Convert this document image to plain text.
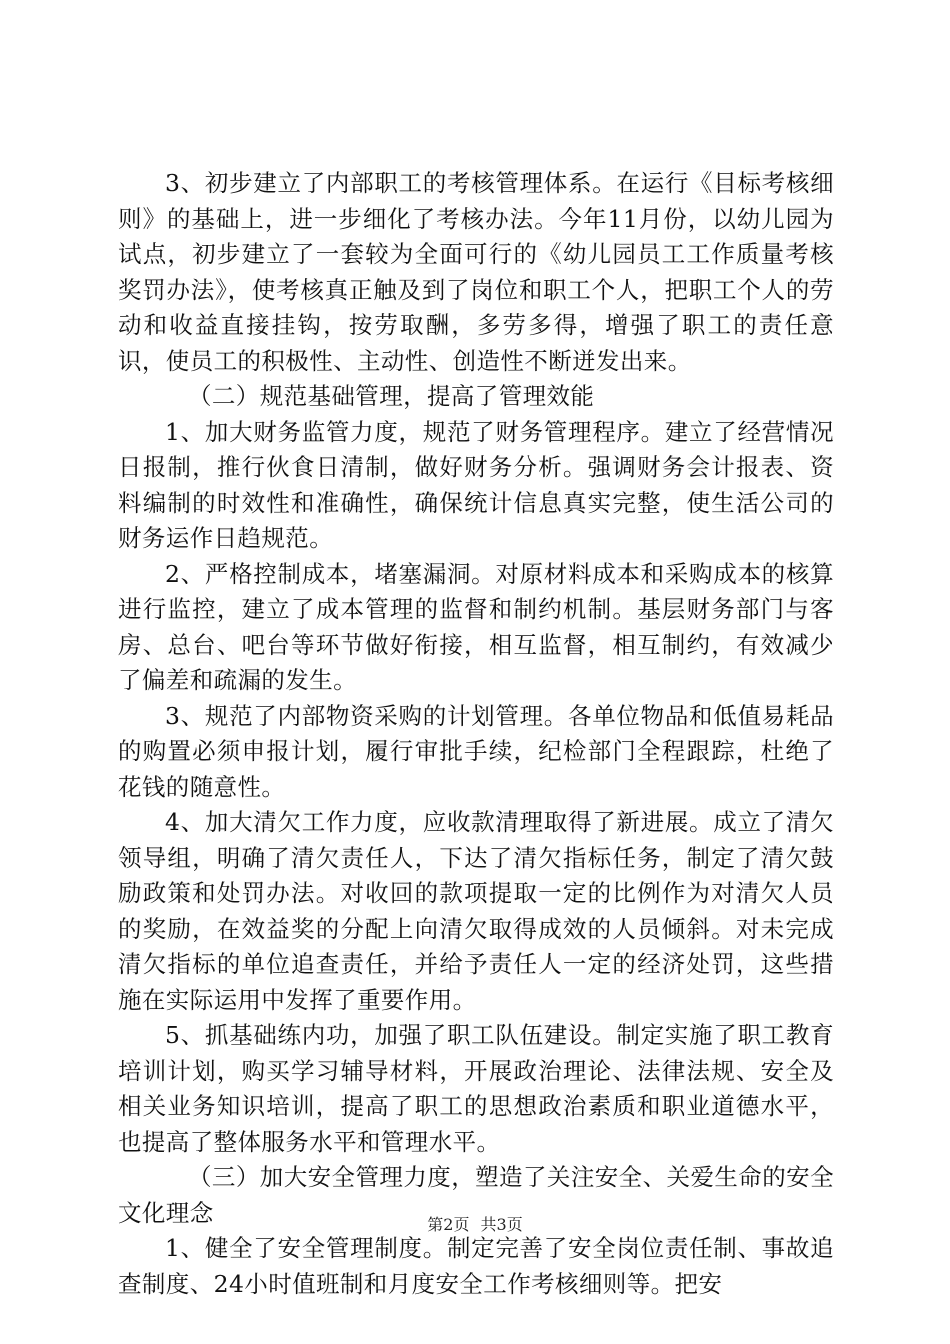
3、初步建立了内部职工的考核管理体系。在运行《目标考核细则》的基础上，进一步细化了考核办法。今年11月份，以幼儿园为试点，初步建立了一套较为全面可行的《幼儿园员工工作质量考核奖罚办法》，使考核真正触及到了岗位和职工个人，把职工个人的劳动和收益直接挂钩，按劳取酬，多劳多得，增强了职工的责任意识，使员工的积极性、主动性、创造性不断迸发出来。

（二）规范基础管理，提高了管理效能

1、加大财务监管力度，规范了财务管理程序。建立了经营情况日报制，推行伙食日清制，做好财务分析。强调财务会计报表、资料编制的时效性和准确性，确保统计信息真实完整，使生活公司的财务运作日趋规范。

2、严格控制成本，堵塞漏洞。对原材料成本和采购成本的核算进行监控，建立了成本管理的监督和制约机制。基层财务部门与客房、总台、吧台等环节做好衔接，相互监督，相互制约，有效减少了偏差和疏漏的发生。

3、规范了内部物资采购的计划管理。各单位物品和低值易耗品的购置必须申报计划，履行审批手续，纪检部门全程跟踪，杜绝了花钱的随意性。

4、加大清欠工作力度，应收款清理取得了新进展。成立了清欠领导组，明确了清欠责任人，下达了清欠指标任务，制定了清欠鼓励政策和处罚办法。对收回的款项提取一定的比例作为对清欠人员的奖励，在效益奖的分配上向清欠取得成效的人员倾斜。对未完成清欠指标的单位追查责任，并给予责任人一定的经济处罚，这些措施在实际运用中发挥了重要作用。

5、抓基础练内功，加强了职工队伍建设。制定实施了职工教育培训计划，购买学习辅导材料，开展政治理论、法律法规、安全及相关业务知识培训，提高了职工的思想政治素质和职业道德水平，也提高了整体服务水平和管理水平。

（三）加大安全管理力度，塑造了关注安全、关爱生命的安全文化理念

1、健全了安全管理制度。制定完善了安全岗位责任制、事故追查制度、24小时值班制和月度安全工作考核细则等。把安

第2页 共3页
